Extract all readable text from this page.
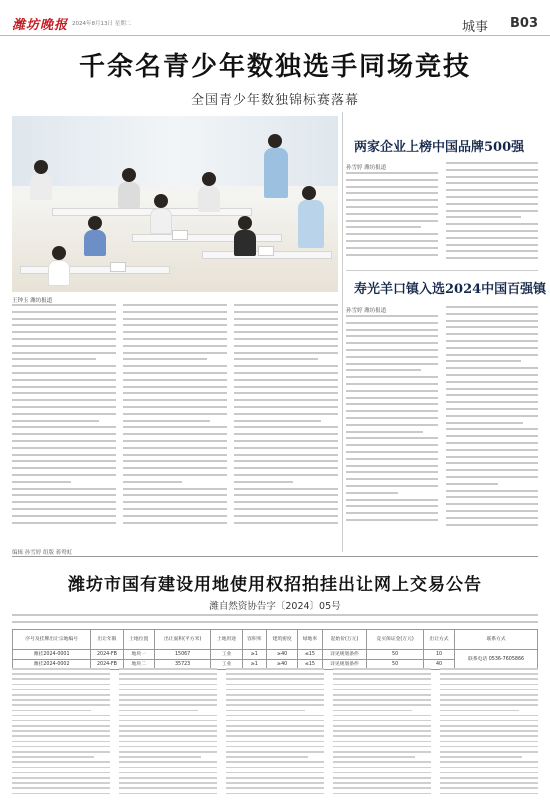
潍坊晚报 2024年8月13日 星期二	城事 B03
千余名青少年数独选手同场竞技
全国青少年数独锦标赛落幕
王钟玉 潍坊报道
编辑 孙雪婷 组版 蒋鸯虹
两家企业上榜中国品牌500强
孙雪婷 潍坊报道
寿光羊口镇入选2024中国百强镇
孙雪婷 潍坊报道
潍坊市国有建设用地使用权招拍挂出让网上交易公告
潍自然资协告字〔2024〕05号
序号及挂牌出让宗地编号	出让年限	土地位置	出让面积(平方米)	土地用途	容积率	建筑密度	绿地率	起始价(万元)	竞买保证金(万元)	出让方式	联系方式
潍挂2024-0001	2024-FB	地块一	15067	工业	≥1	≥40	≤15	详见规划条件	50	10	联系电话 0536-7605866
潍挂2024-0002	2024-FB	地块二	35723	工业	≥1	≥40	≤15	详见规划条件	50	40	
